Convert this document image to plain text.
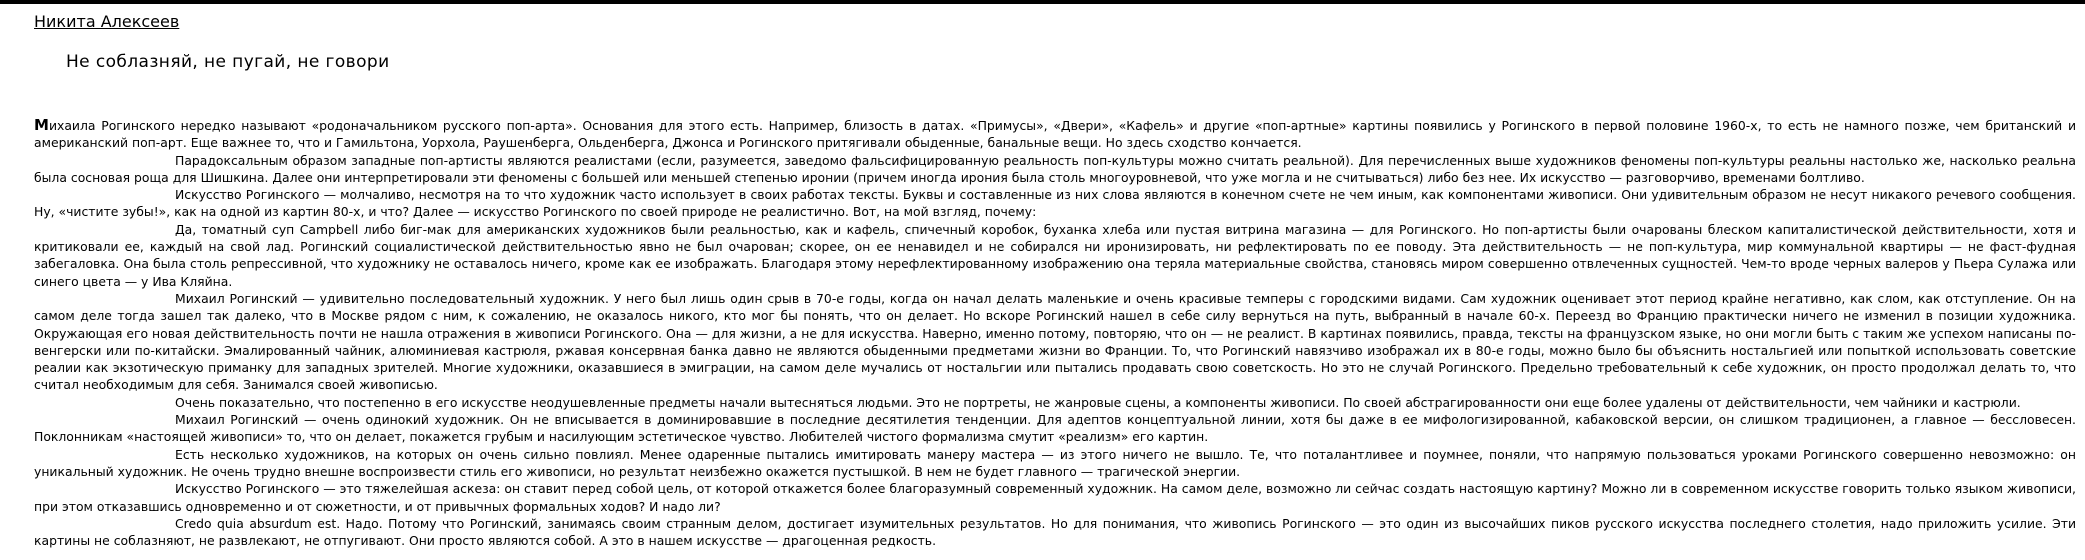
Никита Алексеев
Не соблазняй, не пугай, не говори

Михаила Рогинского нередко называют «родоначальником русского поп-арта». Основания для этого есть. Например, близость в датах. «Примусы», «Двери», «Кафель» и другие «поп-артные» картины появились у Рогинского в первой половине 1960-х, то есть не намного позже, чем британский и американский поп-арт. Еще важнее то, что и Гамильтона, Уорхола, Раушенберга, Ольденберга, Джонса и Рогинского притягивали обыденные, банальные вещи. Но здесь сходство кончается.

Парадоксальным образом западные поп-артисты являются реалистами (если, разумеется, заведомо фальсифицированную реальность поп-культуры можно считать реальной). Для перечисленных выше художников феномены поп-культуры реальны настолько же, насколько реальна была сосновая роща для Шишкина. Далее они интерпретировали эти феномены с большей или меньшей степенью иронии (причем иногда ирония была столь многоуровневой, что уже могла и не считываться) либо без нее. Их искусство — разговорчиво, временами болтливо.

Искусство Рогинского — молчаливо, несмотря на то что художник часто использует в своих работах тексты. Буквы и составленные из них слова являются в конечном счете не чем иным, как компонентами живописи. Они удивительным образом не несут никакого речевого сообщения. Ну, «чистите зубы!», как на одной из картин 80-х, и что? Далее — искусство Рогинского по своей природе не реалистично. Вот, на мой взгляд, почему:

Да, томатный суп Campbell либо биг-мак для американских художников были реальностью, как и кафель, спичечный коробок, буханка хлеба или пустая витрина магазина — для Рогинского. Но поп-артисты были очарованы блеском капиталистической действительности, хотя и критиковали ее, каждый на свой лад. Рогинский социалистической действительностью явно не был очарован; скорее, он ее ненавидел и не собирался ни иронизировать, ни рефлектировать по ее поводу. Эта действительность — не поп-культура, мир коммунальной квартиры — не фаст-фудная забегаловка. Она была столь репрессивной, что художнику не оставалось ничего, кроме как ее изображать. Благодаря этому нерефлектированному изображению она теряла материальные свойства, становясь миром совершенно отвлеченных сущностей. Чем-то вроде черных валеров у Пьера Сулажа или синего цвета — у Ива Кляйна.

Михаил Рогинский — удивительно последовательный художник. У него был лишь один срыв в 70-е годы, когда он начал делать маленькие и очень красивые темперы с городскими видами. Сам художник оценивает этот период крайне негативно, как слом, как отступление. Он на самом деле тогда зашел так далеко, что в Москве рядом с ним, к сожалению, не оказалось никого, кто мог бы понять, что он делает. Но вскоре Рогинский нашел в себе силу вернуться на путь, выбранный в начале 60-х. Переезд во Францию практически ничего не изменил в позиции художника. Окружающая его новая действительность почти не нашла отражения в живописи Рогинского. Она — для жизни, а не для искусства. Наверно, именно потому, повторяю, что он — не реалист. В картинах появились, правда, тексты на французском языке, но они могли быть с таким же успехом написаны по-венгерски или по-китайски. Эмалированный чайник, алюминиевая кастрюля, ржавая консервная банка давно не являются обыденными предметами жизни во Франции. То, что Рогинский навязчиво изображал их в 80-е годы, можно было бы объяснить ностальгией или попыткой использовать советские реалии как экзотическую приманку для западных зрителей. Многие художники, оказавшиеся в эмиграции, на самом деле мучались от ностальгии или пытались продавать свою советскость. Но это не случай Рогинского. Предельно требовательный к себе художник, он просто продолжал делать то, что считал необходимым для себя. Занимался своей живописью.

Очень показательно, что постепенно в его искусстве неодушевленные предметы начали вытесняться людьми. Это не портреты, не жанровые сцены, а компоненты живописи. По своей абстрагированности они еще более удалены от действительности, чем чайники и кастрюли.

Михаил Рогинский — очень одинокий художник. Он не вписывается в доминировавшие в последние десятилетия тенденции. Для адептов концептуальной линии, хотя бы даже в ее мифологизированной, кабаковской версии, он слишком традиционен, а главное — бессловесен. Поклонникам «настоящей живописи» то, что он делает, покажется грубым и насилующим эстетическое чувство. Любителей чистого формализма смутит «реализм» его картин.

Есть несколько художников, на которых он очень сильно повлиял. Менее одаренные пытались имитировать манеру мастера — из этого ничего не вышло. Те, что поталантливее и поумнее, поняли, что напрямую пользоваться уроками Рогинского совершенно невозможно: он уникальный художник. Не очень трудно внешне воспроизвести стиль его живописи, но результат неизбежно окажется пустышкой. В нем не будет главного — трагической энергии.

Искусство Рогинского — это тяжелейшая аскеза: он ставит перед собой цель, от которой откажется более благоразумный современный художник. На самом деле, возможно ли сейчас создать настоящую картину? Можно ли в современном искусстве говорить только языком живописи, при этом отказавшись одновременно и от сюжетности, и от привычных формальных ходов? И надо ли?

Credo quia absurdum est. Надо. Потому что Рогинский, занимаясь своим странным делом, достигает изумительных результатов. Но для понимания, что живопись Рогинского — это один из высочайших пиков русского искусства последнего столетия, надо приложить усилие. Эти картины не соблазняют, не развлекают, не отпугивают. Они просто являются собой. А это в нашем искусстве — драгоценная редкость.
